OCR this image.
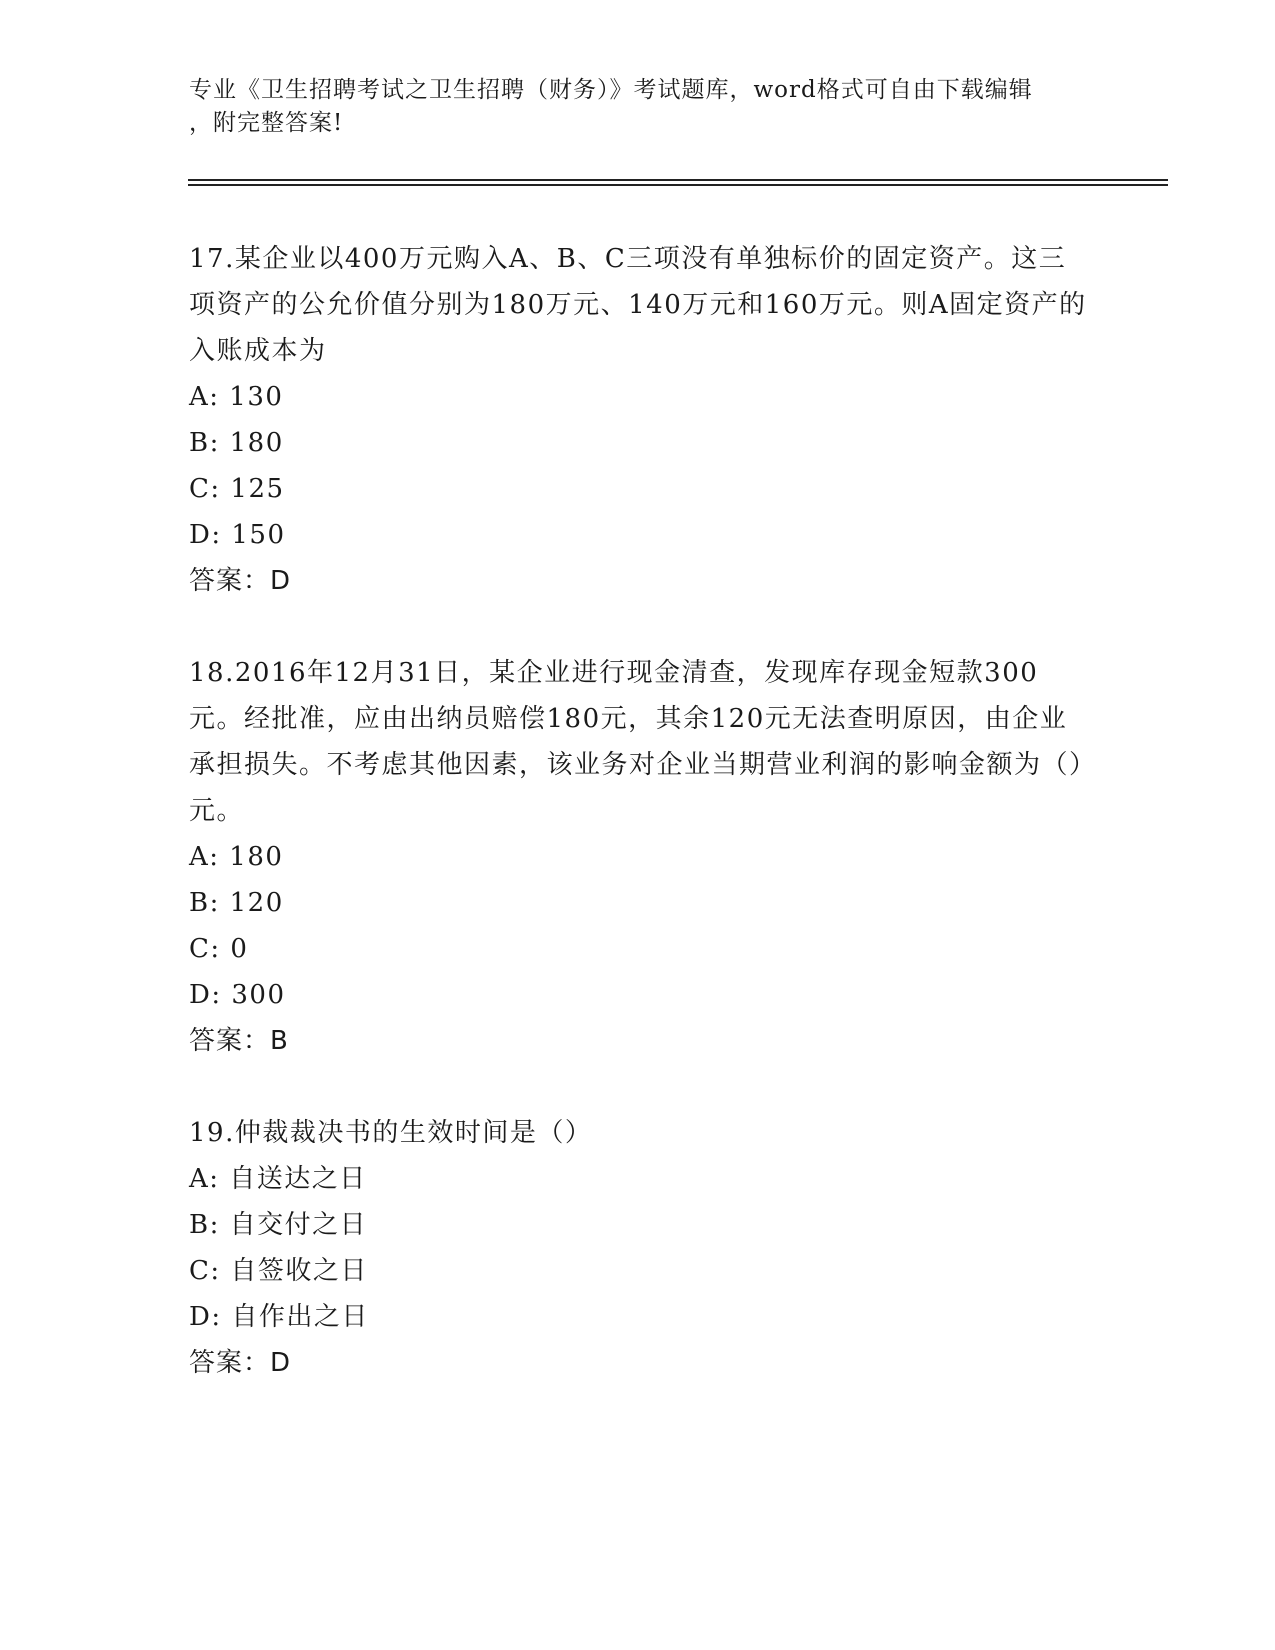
专业《卫生招聘考试之卫生招聘（财务）》考试题库，word格式可自由下载编辑
，附完整答案!

17.某企业以400万元购入A、B、C三项没有单独标价的固定资产。这三项资产的公允价值分别为180万元、140万元和160万元。则A固定资产的入账成本为

A: 130
B: 180
C: 125
D: 150
答案：D

18.2016年12月31日，某企业进行现金清查，发现库存现金短款300元。经批准，应由出纳员赔偿180元，其余120元无法查明原因，由企业承担损失。不考虑其他因素，该业务对企业当期营业利润的影响金额为（）元。

A: 180
B: 120
C: 0
D: 300
答案：B

19.仲裁裁决书的生效时间是（）

A: 自送达之日
B: 自交付之日
C: 自签收之日
D: 自作出之日
答案：D
